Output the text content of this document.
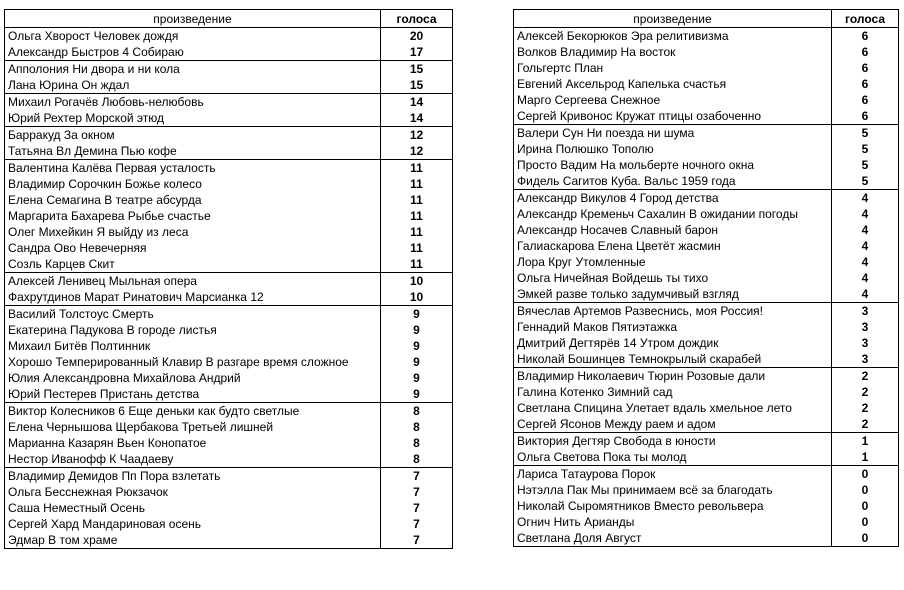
произведение	голоса
Ольга Хворост Человек дождя	20
Александр Быстров 4 Собираю	17
Апполония Ни двора и ни кола	15
Лана Юрина Он ждал	15
Михаил Рогачёв Любовь-нелюбовь	14
Юрий Рехтер Морской этюд	14
Барракуд За окном	12
Татьяна Вл Демина Пью кофе	12
Валентина Калёва Первая усталость	11
Владимир Сорочкин Божье колесо	11
Елена Семагина В театре абсурда	11
Маргарита Бахарева Рыбье счастье	11
Олег Михейкин Я выйду из леса	11
Сандра Ово Невечерняя	11
Созль Карцев Скит	11
Алексей Ленивец Мыльная опера	10
Фахрутдинов Марат Ринатович Марсианка 12	10
Василий Толстоус Смерть	9
Екатерина Падукова В городе листья	9
Михаил Битёв Полтинник	9
Хорошо Темперированный Клавир В разгаре время сложное	9
Юлия Александровна Михайлова Андрий	9
Юрий Пестерев Пристань детства	9
Виктор Колесников 6 Еще деньки как будто светлые	8
Елена Чернышова Щербакова Третьей лишней	8
Марианна Казарян Вьен Конопатое	8
Нестор Иванофф К Чаадаеву	8
Владимир Демидов Пп Пора взлетать	7
Ольга Бесснежная Рюкзачок	7
Саша Неместный Осень	7
Сергей Хард Мандариновая осень	7
Эдмар В том храме	7
произведение	голоса
Алексей Бекорюков Эра релитивизма	6
Волков Владимир На восток	6
Гольгертс План	6
Евгений Аксельрод Капелька счастья	6
Марго Сергеева Снежное	6
Сергей Кривонос Кружат птицы озабоченно	6
Валери Сун Ни поезда ни шума	5
Ирина Полюшко Тополю	5
Просто Вадим На мольберте ночного окна	5
Фидель Сагитов Куба. Вальс 1959 года	5
Александр Викулов 4 Город детства	4
Александр Кременьч Сахалин В ожидании погоды	4
Александр Носачев Славный барон	4
Галиаскарова Елена Цветёт жасмин	4
Лора Круг Утомленные	4
Ольга Ничейная Войдешь ты тихо	4
Эмкей разве только задумчивый взгляд	4
Вячеслав Артемов Развеснись, моя Россия!	3
Геннадий Маков Пятиэтажка	3
Дмитрий Дегтярёв 14 Утром дождик	3
Николай Бошинцев Темнокрылый скарабей	3
Владимир Николаевич Тюрин Розовые дали	2
Галина Котенко Зимний сад	2
Светлана Спицина Улетает вдаль хмельное лето	2
Сергей Ясонов Между раем и адом	2
Виктория Дегтяр Свобода в юности	1
Ольга Светова Пока ты молод	1
Лариса Татаурова Порок	0
Нэтэлла Пак Мы принимаем всё за благодать	0
Николай Сыромятников Вместо револьвера	0
Огнич Нить Арианды	0
Светлана Доля Август	0
